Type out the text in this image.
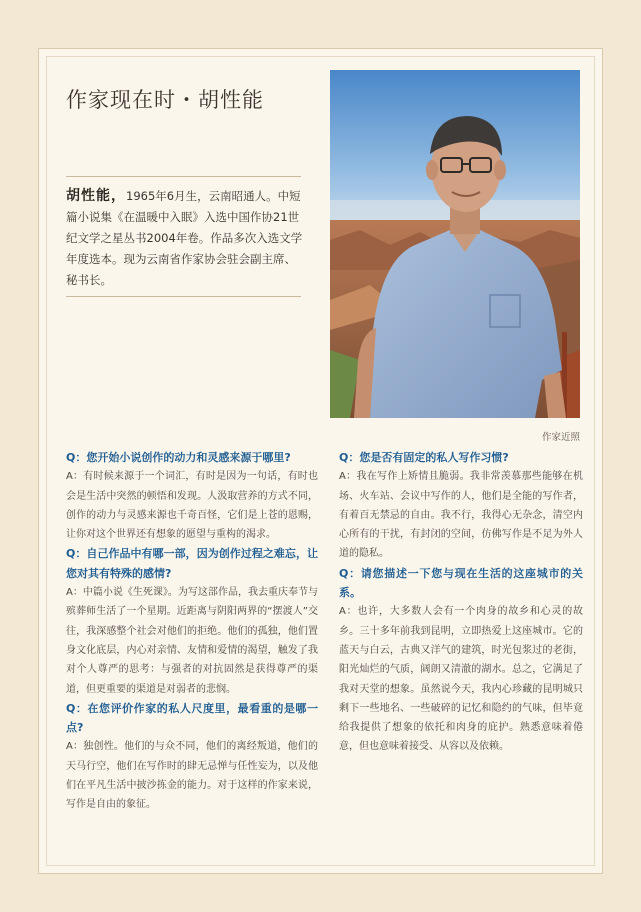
作家现在时・胡性能
胡性能，1965年6月生，云南昭通人。中短篇小说集《在温暖中入眠》入选中国作协21世纪文学之星丛书2004年卷。作品多次入选文学年度选本。现为云南省作家协会驻会副主席、秘书长。
作家近照
Q：您开始小说创作的动力和灵感来源于哪里?

A：有时候来源于一个词汇，有时是因为一句话，有时也会是生活中突然的顿悟和发现。人汲取营养的方式不同，创作的动力与灵感来源也千奇百怪，它们是上苍的恩赐，让你对这个世界还有想象的愿望与重构的渴求。

Q：自己作品中有哪一部，因为创作过程之难忘，让您对其有特殊的感情?

A：中篇小说《生死课》。为写这部作品，我去重庆奉节与殡葬师生活了一个星期。近距离与阴阳两界的“摆渡人”交往，我深感整个社会对他们的拒绝。他们的孤独，他们置身文化底层，内心对亲情、友情和爱情的渴望，触发了我对个人尊严的思考：与强者的对抗固然是获得尊严的渠道，但更重要的渠道是对弱者的悲悯。

Q：在您评价作家的私人尺度里，最看重的是哪一点?

A：独创性。他们的与众不同，他们的离经叛道，他们的天马行空，他们在写作时的肆无忌惮与任性妄为，以及他们在平凡生活中披沙拣金的能力。对于这样的作家来说，写作是自由的象征。

Q：您是否有固定的私人写作习惯?

A：我在写作上矫情且脆弱。我非常羡慕那些能够在机场、火车站、会议中写作的人，他们是全能的写作者，有着百无禁忌的自由。我不行，我得心无杂念，清空内心所有的干扰，有封闭的空间，仿佛写作是不足为外人道的隐私。

Q：请您描述一下您与现在生活的这座城市的关系。

A：也许，大多数人会有一个肉身的故乡和心灵的故乡。三十多年前我到昆明，立即热爱上这座城市。它的蓝天与白云，古典又洋气的建筑，时光包浆过的老街，阳光灿烂的气质，阔朗又清澈的湖水。总之，它满足了我对天堂的想象。虽然说今天，我内心珍藏的昆明城只剩下一些地名、一些破碎的记忆和隐约的气味，但毕竟给我提供了想象的依托和肉身的庇护。熟悉意味着倦意，但也意味着接受、从容以及依赖。
